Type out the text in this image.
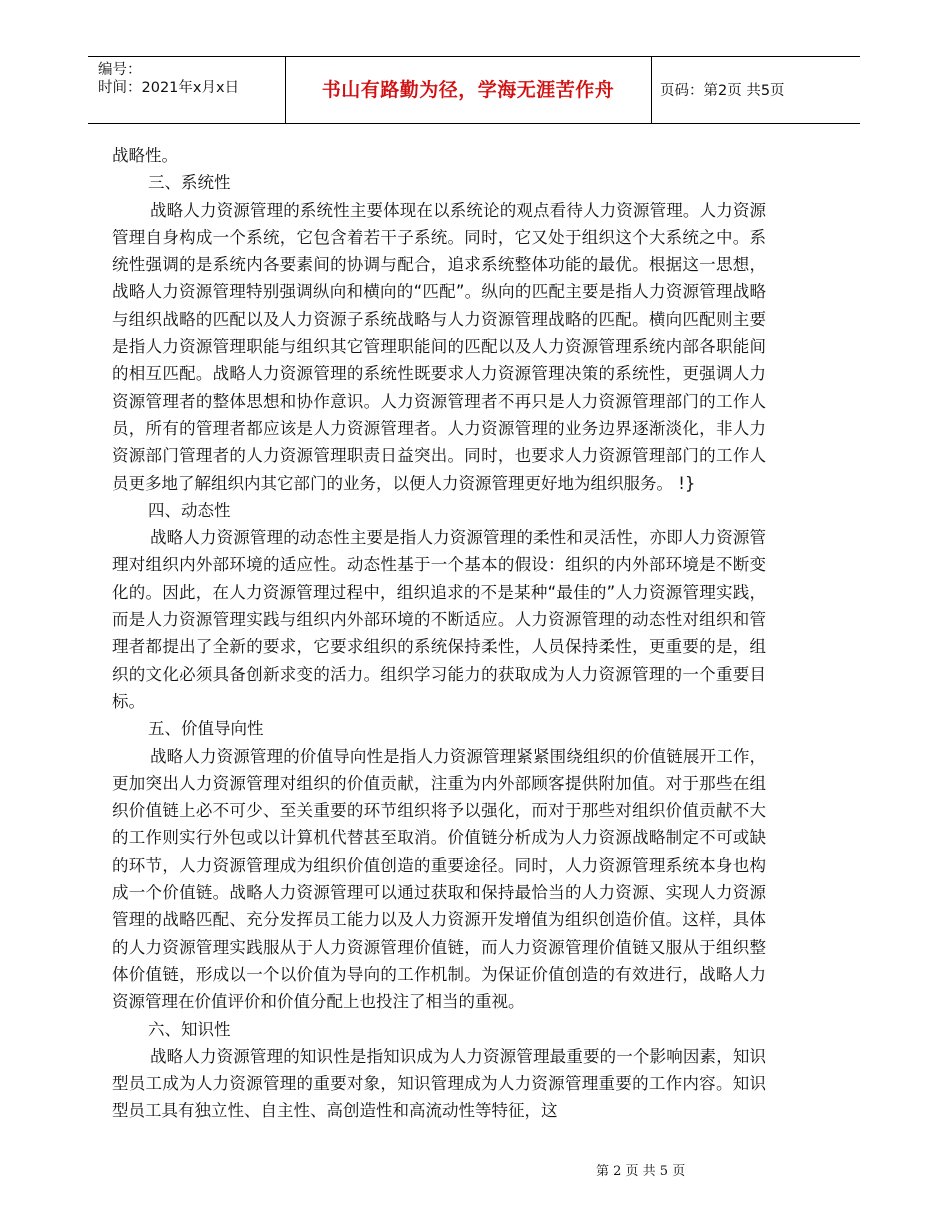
编号：
时间：2021年x月x日	书山有路勤为径，学海无涯苦作舟	页码：第2页 共5页

战略性。

三、系统性

战略人力资源管理的系统性主要体现在以系统论的观点看待人力资源管理。人力资源管理自身构成一个系统，它包含着若干子系统。同时，它又处于组织这个大系统之中。系统性强调的是系统内各要素间的协调与配合，追求系统整体功能的最优。根据这一思想，战略人力资源管理特别强调纵向和横向的“匹配”。纵向的匹配主要是指人力资源管理战略与组织战略的匹配以及人力资源子系统战略与人力资源管理战略的匹配。横向匹配则主要是指人力资源管理职能与组织其它管理职能间的匹配以及人力资源管理系统内部各职能间的相互匹配。战略人力资源管理的系统性既要求人力资源管理决策的系统性，更强调人力资源管理者的整体思想和协作意识。人力资源管理者不再只是人力资源管理部门的工作人员，所有的管理者都应该是人力资源管理者。人力资源管理的业务边界逐渐淡化，非人力资源部门管理者的人力资源管理职责日益突出。同时，也要求人力资源管理部门的工作人员更多地了解组织内其它部门的业务，以便人力资源管理更好地为组织服务。 !}

四、动态性

战略人力资源管理的动态性主要是指人力资源管理的柔性和灵活性，亦即人力资源管理对组织内外部环境的适应性。动态性基于一个基本的假设：组织的内外部环境是不断变化的。因此，在人力资源管理过程中，组织追求的不是某种“最佳的”人力资源管理实践，而是人力资源管理实践与组织内外部环境的不断适应。人力资源管理的动态性对组织和管理者都提出了全新的要求，它要求组织的系统保持柔性，人员保持柔性，更重要的是，组织的文化必须具备创新求变的活力。组织学习能力的获取成为人力资源管理的一个重要目标。

五、价值导向性

战略人力资源管理的价值导向性是指人力资源管理紧紧围绕组织的价值链展开工作，更加突出人力资源管理对组织的价值贡献，注重为内外部顾客提供附加值。对于那些在组织价值链上必不可少、至关重要的环节组织将予以强化，而对于那些对组织价值贡献不大的工作则实行外包或以计算机代替甚至取消。价值链分析成为人力资源战略制定不可或缺的环节，人力资源管理成为组织价值创造的重要途径。同时，人力资源管理系统本身也构成一个价值链。战略人力资源管理可以通过获取和保持最恰当的人力资源、实现人力资源管理的战略匹配、充分发挥员工能力以及人力资源开发增值为组织创造价值。这样，具体的人力资源管理实践服从于人力资源管理价值链，而人力资源管理价值链又服从于组织整体价值链，形成以一个以价值为导向的工作机制。为保证价值创造的有效进行，战略人力资源管理在价值评价和价值分配上也投注了相当的重视。

六、知识性

战略人力资源管理的知识性是指知识成为人力资源管理最重要的一个影响因素，知识型员工成为人力资源管理的重要对象，知识管理成为人力资源管理重要的工作内容。知识型员工具有独立性、自主性、高创造性和高流动性等特征，这

第 2 页 共 5 页
